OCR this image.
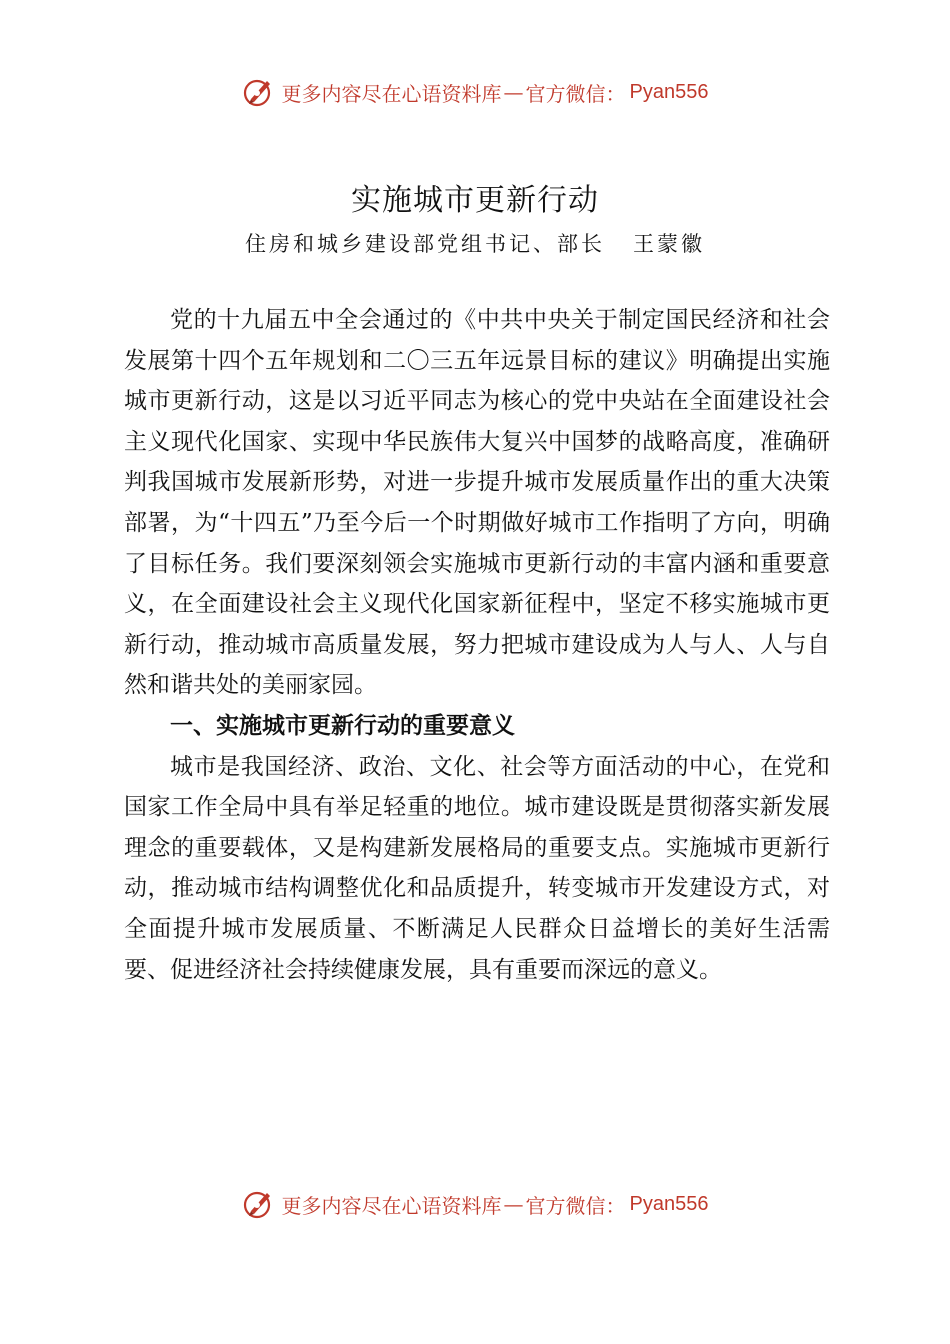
更多内容尽在心语资料库 — 官方微信： Pyan556
实施城市更新行动
住房和城乡建设部党组书记、部长 王蒙徽

党的十九届五中全会通过的《中共中央关于制定国民经济和社会发展第十四个五年规划和二〇三五年远景目标的建议》明确提出实施城市更新行动，这是以习近平同志为核心的党中央站在全面建设社会主义现代化国家、实现中华民族伟大复兴中国梦的战略高度，准确研判我国城市发展新形势，对进一步提升城市发展质量作出的重大决策部署，为“十四五”乃至今后一个时期做好城市工作指明了方向，明确了目标任务。我们要深刻领会实施城市更新行动的丰富内涵和重要意义，在全面建设社会主义现代化国家新征程中，坚定不移实施城市更新行动，推动城市高质量发展，努力把城市建设成为人与人、人与自然和谐共处的美丽家园。

一、实施城市更新行动的重要意义

城市是我国经济、政治、文化、社会等方面活动的中心，在党和国家工作全局中具有举足轻重的地位。城市建设既是贯彻落实新发展理念的重要载体，又是构建新发展格局的重要支点。实施城市更新行动，推动城市结构调整优化和品质提升，转变城市开发建设方式，对全面提升城市发展质量、不断满足人民群众日益增长的美好生活需要、促进经济社会持续健康发展，具有重要而深远的意义。

更多内容尽在心语资料库 — 官方微信： Pyan556
